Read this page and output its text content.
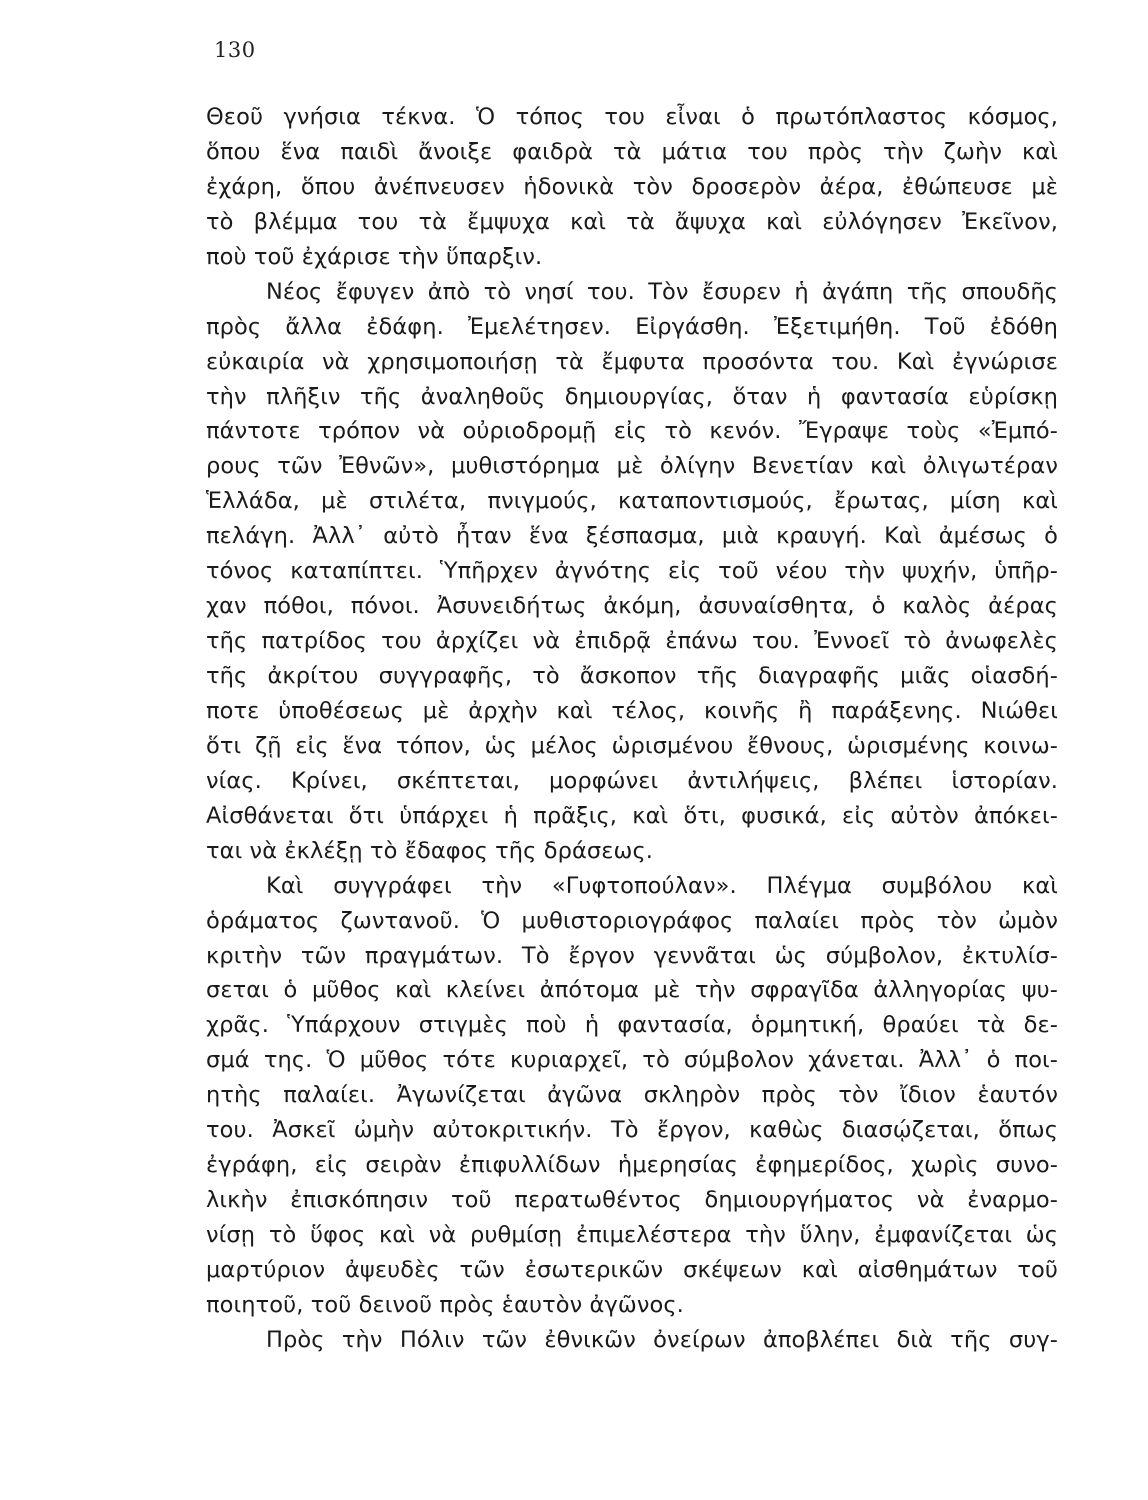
130
Θεοῦ γνήσια τέκνα. Ὁ τόπος του εἶναι ὁ πρωτόπλαστος κόσμος,
ὅπου ἕνα παιδὶ ἄνοιξε φαιδρὰ τὰ μάτια του πρὸς τὴν ζωὴν καὶ
ἐχάρη, ὅπου ἀνέπνευσεν ἡδονικὰ τὸν δροσερὸν ἀέρα, ἐθώπευσε μὲ
τὸ βλέμμα του τὰ ἔμψυχα καὶ τὰ ἄψυχα καὶ εὐλόγησεν Ἐκεῖνον,
ποὺ τοῦ ἐχάρισε τὴν ὕπαρξιν.
Νέος ἔφυγεν ἀπὸ τὸ νησί του. Τὸν ἔσυρεν ἡ ἀγάπη τῆς σπουδῆς
πρὸς ἄλλα ἐδάφη. Ἐμελέτησεν. Εἰργάσθη. Ἐξετιμήθη. Τοῦ ἐδόθη
εὐκαιρία νὰ χρησιμοποιήσῃ τὰ ἔμφυτα προσόντα του. Καὶ ἐγνώρισε
τὴν πλῆξιν τῆς ἀναληθοῦς δημιουργίας, ὅταν ἡ φαντασία εὑρίσκῃ
πάντοτε τρόπον νὰ οὐριοδρομῇ εἰς τὸ κενόν. Ἔγραψε τοὺς «Ἐμπό-
ρους τῶν Ἐθνῶν», μυθιστόρημα μὲ ὀλίγην Βενετίαν καὶ ὀλιγωτέραν
Ἑλλάδα, μὲ στιλέτα, πνιγμούς, καταποντισμούς, ἔρωτας, μίση καὶ
πελάγη. Ἀλλ᾽ αὐτὸ ἦταν ἕνα ξέσπασμα, μιὰ κραυγή. Καὶ ἀμέσως ὁ
τόνος καταπίπτει. Ὑπῆρχεν ἀγνότης εἰς τοῦ νέου τὴν ψυχήν, ὑπῆρ-
χαν πόθοι, πόνοι. Ἀσυνειδήτως ἀκόμη, ἀσυναίσθητα, ὁ καλὸς ἀέρας
τῆς πατρίδος του ἀρχίζει νὰ ἐπιδρᾷ ἐπάνω του. Ἐννοεῖ τὸ ἀνωφελὲς
τῆς ἀκρίτου συγγραφῆς, τὸ ἄσκοπον τῆς διαγραφῆς μιᾶς οἱασδή-
ποτε ὑποθέσεως μὲ ἀρχὴν καὶ τέλος, κοινῆς ἢ παράξενης. Νιώθει
ὅτι ζῇ εἰς ἕνα τόπον, ὡς μέλος ὡρισμένου ἔθνους, ὡρισμένης κοινω-
νίας. Κρίνει, σκέπτεται, μορφώνει ἀντιλήψεις, βλέπει ἱστορίαν.
Αἰσθάνεται ὅτι ὑπάρχει ἡ πρᾶξις, καὶ ὅτι, φυσικά, εἰς αὐτὸν ἀπόκει-
ται νὰ ἐκλέξῃ τὸ ἔδαφος τῆς δράσεως.
Καὶ συγγράφει τὴν «Γυφτοπούλαν». Πλέγμα συμβόλου καὶ
ὁράματος ζωντανοῦ. Ὁ μυθιστοριογράφος παλαίει πρὸς τὸν ὠμὸν
κριτὴν τῶν πραγμάτων. Τὸ ἔργον γεννᾶται ὡς σύμβολον, ἐκτυλίσ-
σεται ὁ μῦθος καὶ κλείνει ἀπότομα μὲ τὴν σφραγῖδα ἀλληγορίας ψυ-
χρᾶς. Ὑπάρχουν στιγμὲς ποὺ ἡ φαντασία, ὁρμητική, θραύει τὰ δε-
σμά της. Ὁ μῦθος τότε κυριαρχεῖ, τὸ σύμβολον χάνεται. Ἀλλ᾽ ὁ ποι-
ητὴς παλαίει. Ἀγωνίζεται ἀγῶνα σκληρὸν πρὸς τὸν ἴδιον ἑαυτόν
του. Ἀσκεῖ ὠμὴν αὐτοκριτικήν. Τὸ ἔργον, καθὼς διασῴζεται, ὅπως
ἐγράφη, εἰς σειρὰν ἐπιφυλλίδων ἡμερησίας ἐφημερίδος, χωρὶς συνο-
λικὴν ἐπισκόπησιν τοῦ περατωθέντος δημιουργήματος νὰ ἐναρμο-
νίσῃ τὸ ὕφος καὶ νὰ ρυθμίσῃ ἐπιμελέστερα τὴν ὕλην, ἐμφανίζεται ὡς
μαρτύριον ἀψευδὲς τῶν ἐσωτερικῶν σκέψεων καὶ αἰσθημάτων τοῦ
ποιητοῦ, τοῦ δεινοῦ πρὸς ἑαυτὸν ἀγῶνος.
Πρὸς τὴν Πόλιν τῶν ἐθνικῶν ὀνείρων ἀποβλέπει διὰ τῆς συγ-
